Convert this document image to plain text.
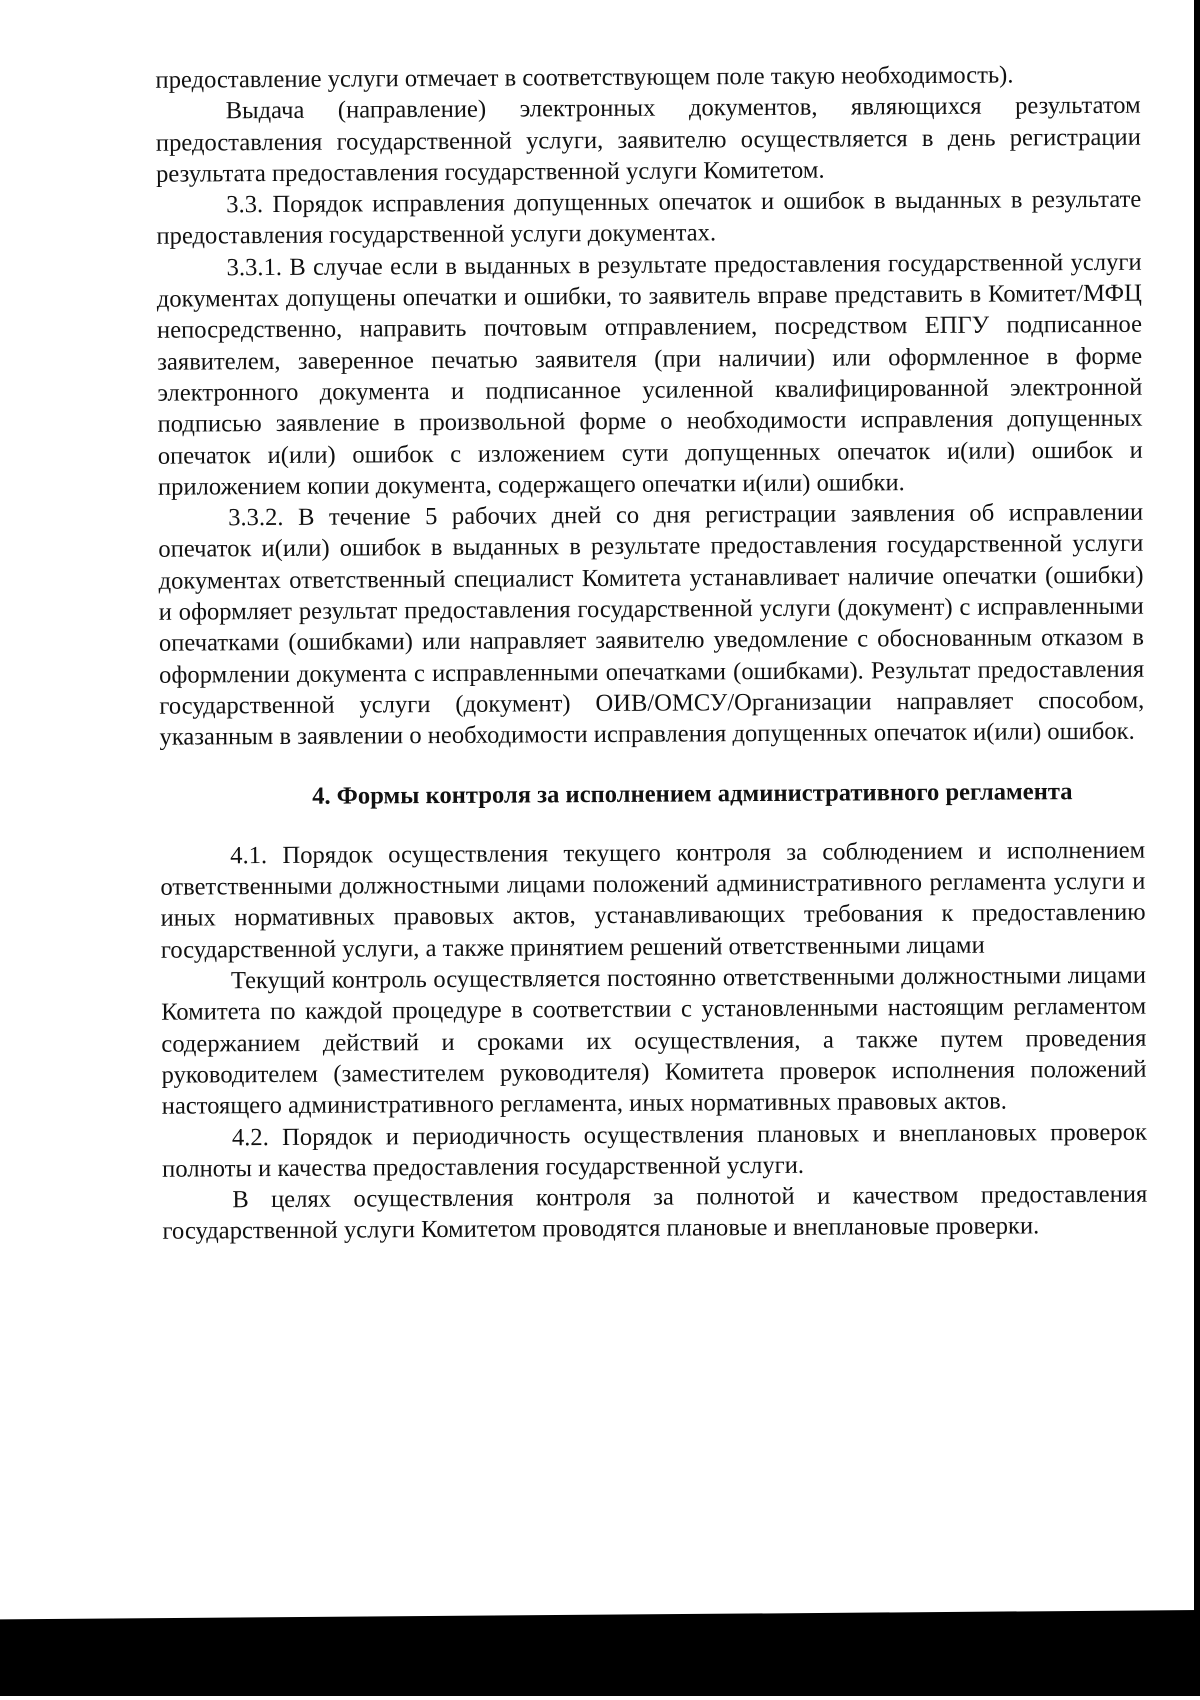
предоставление услуги отмечает в соответствующем поле такую необходимость).

Выдача (направление) электронных документов, являющихся результатом предоставления государственной услуги, заявителю осуществляется в день регистрации результата предоставления государственной услуги Комитетом.

3.3. Порядок исправления допущенных опечаток и ошибок в выданных в результате предоставления государственной услуги документах.

3.3.1. В случае если в выданных в результате предоставления государственной услуги документах допущены опечатки и ошибки, то заявитель вправе представить в Комитет/МФЦ непосредственно, направить почтовым отправлением, посредством ЕПГУ подписанное заявителем, заверенное печатью заявителя (при наличии) или оформленное в форме электронного документа и подписанное усиленной квалифицированной электронной подписью заявление в произвольной форме о необходимости исправления допущенных опечаток и(или) ошибок с изложением сути допущенных опечаток и(или) ошибок и приложением копии документа, содержащего опечатки и(или) ошибки.

3.3.2. В течение 5 рабочих дней со дня регистрации заявления об исправлении опечаток и(или) ошибок в выданных в результате предоставления государственной услуги документах ответственный специалист Комитета устанавливает наличие опечатки (ошибки) и оформляет результат предоставления государственной услуги (документ) с исправленными опечатками (ошибками) или направляет заявителю уведомление с обоснованным отказом в оформлении документа с исправленными опечатками (ошибками). Результат предоставления государственной услуги (документ) ОИВ/ОМСУ/Организации направляет способом, указанным в заявлении о необходимости исправления допущенных опечаток и(или) ошибок.

4. Формы контроля за исполнением административного регламента

4.1. Порядок осуществления текущего контроля за соблюдением и исполнением ответственными должностными лицами положений административного регламента услуги и иных нормативных правовых актов, устанавливающих требования к предоставлению государственной услуги, а также принятием решений ответственными лицами

Текущий контроль осуществляется постоянно ответственными должностными лицами Комитета по каждой процедуре в соответствии с установленными настоящим регламентом содержанием действий и сроками их осуществления, а также путем проведения руководителем (заместителем руководителя) Комитета проверок исполнения положений настоящего административного регламента, иных нормативных правовых актов.

4.2. Порядок и периодичность осуществления плановых и внеплановых проверок полноты и качества предоставления государственной услуги.

В целях осуществления контроля за полнотой и качеством предоставления государственной услуги Комитетом проводятся плановые и внеплановые проверки.
